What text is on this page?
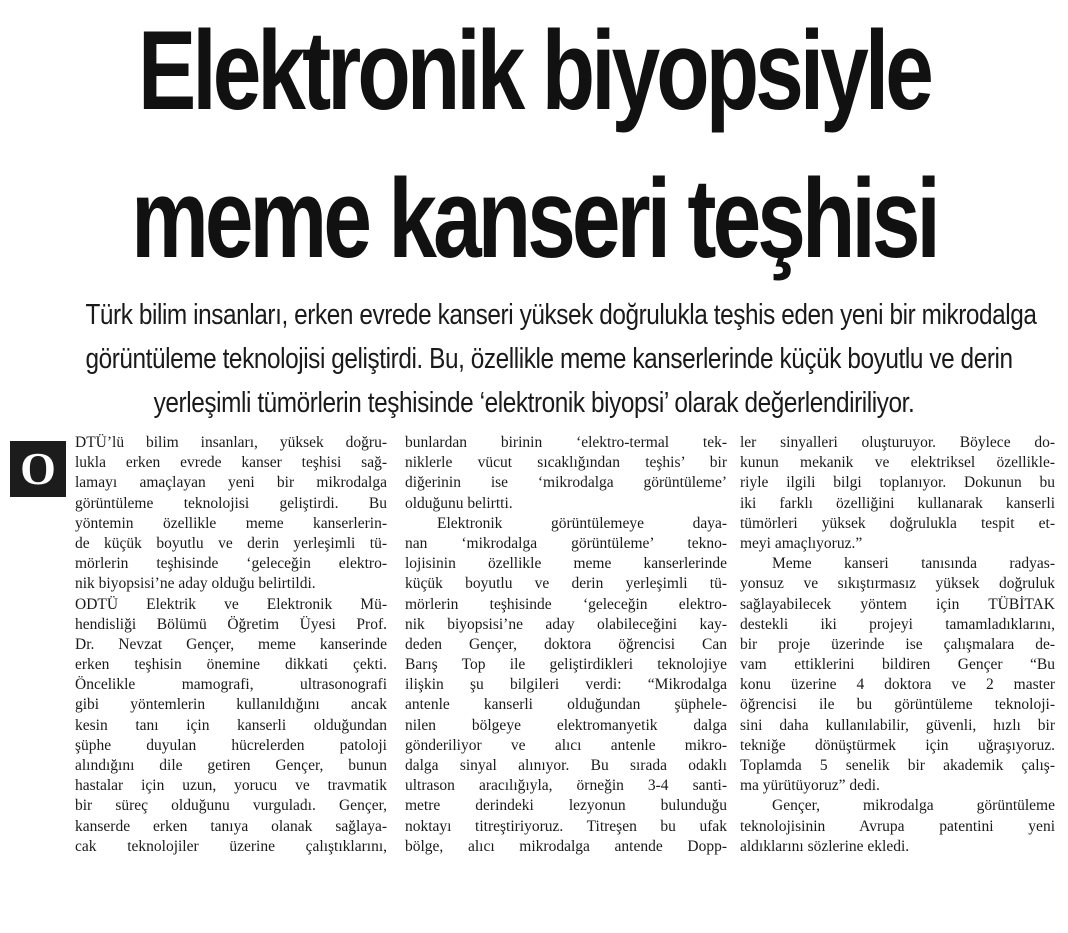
Elektronik biyopsiyle
meme kanseri teşhisi
Türk bilim insanları, erken evrede kanseri yüksek doğrulukla teşhis eden yeni bir mikrodalga
görüntüleme teknolojisi geliştirdi. Bu, özellikle meme kanserlerinde küçük boyutlu ve derin
yerleşimli tümörlerin teşhisinde ‘elektronik biyopsi’ olarak değerlendiriliyor.
O
DTÜ’lü bilim insanları, yüksek doğru-
lukla erken evrede kanser teşhisi sağ-
lamayı amaçlayan yeni bir mikrodalga
görüntüleme teknolojisi geliştirdi. Bu
yöntemin özellikle meme kanserlerin-
de küçük boyutlu ve derin yerleşimli tü-
mörlerin teşhisinde ‘geleceğin elektro-
nik biyopsisi’ne aday olduğu belirtildi.
ODTÜ Elektrik ve Elektronik Mü-
hendisliği Bölümü Öğretim Üyesi Prof.
Dr. Nevzat Gençer, meme kanserinde
erken teşhisin önemine dikkati çekti.
Öncelikle mamografi, ultrasonografi
gibi yöntemlerin kullanıldığını ancak
kesin tanı için kanserli olduğundan
şüphe duyulan hücrelerden patoloji
alındığını dile getiren Gençer, bunun
hastalar için uzun, yorucu ve travmatik
bir süreç olduğunu vurguladı. Gençer,
kanserde erken tanıya olanak sağlaya-
cak teknolojiler üzerine çalıştıklarını,
bunlardan birinin ‘elektro-termal tek-
niklerle vücut sıcaklığından teşhis’ bir
diğerinin ise ‘mikrodalga görüntüleme’
olduğunu belirtti.
Elektronik görüntülemeye daya-
nan ‘mikrodalga görüntüleme’ tekno-
lojisinin özellikle meme kanserlerinde
küçük boyutlu ve derin yerleşimli tü-
mörlerin teşhisinde ‘geleceğin elektro-
nik biyopsisi’ne aday olabileceğini kay-
deden Gençer, doktora öğrencisi Can
Barış Top ile geliştirdikleri teknolojiye
ilişkin şu bilgileri verdi: “Mikrodalga
antenle kanserli olduğundan şüphele-
nilen bölgeye elektromanyetik dalga
gönderiliyor ve alıcı antenle mikro-
dalga sinyal alınıyor. Bu sırada odaklı
ultrason aracılığıyla, örneğin 3-4 santi-
metre derindeki lezyonun bulunduğu
noktayı titreştiriyoruz. Titreşen bu ufak
bölge, alıcı mikrodalga antende Dopp-
ler sinyalleri oluşturuyor. Böylece do-
kunun mekanik ve elektriksel özellikle-
riyle ilgili bilgi toplanıyor. Dokunun bu
iki farklı özelliğini kullanarak kanserli
tümörleri yüksek doğrulukla tespit et-
meyi amaçlıyoruz.”
Meme kanseri tanısında radyas-
yonsuz ve sıkıştırmasız yüksek doğruluk
sağlayabilecek yöntem için TÜBİTAK
destekli iki projeyi tamamladıklarını,
bir proje üzerinde ise çalışmalara de-
vam ettiklerini bildiren Gençer “Bu
konu üzerine 4 doktora ve 2 master
öğrencisi ile bu görüntüleme teknoloji-
sini daha kullanılabilir, güvenli, hızlı bir
tekniğe dönüştürmek için uğraşıyoruz.
Toplamda 5 senelik bir akademik çalış-
ma yürütüyoruz” dedi.
Gençer, mikrodalga görüntüleme
teknolojisinin Avrupa patentini yeni
aldıklarını sözlerine ekledi.
